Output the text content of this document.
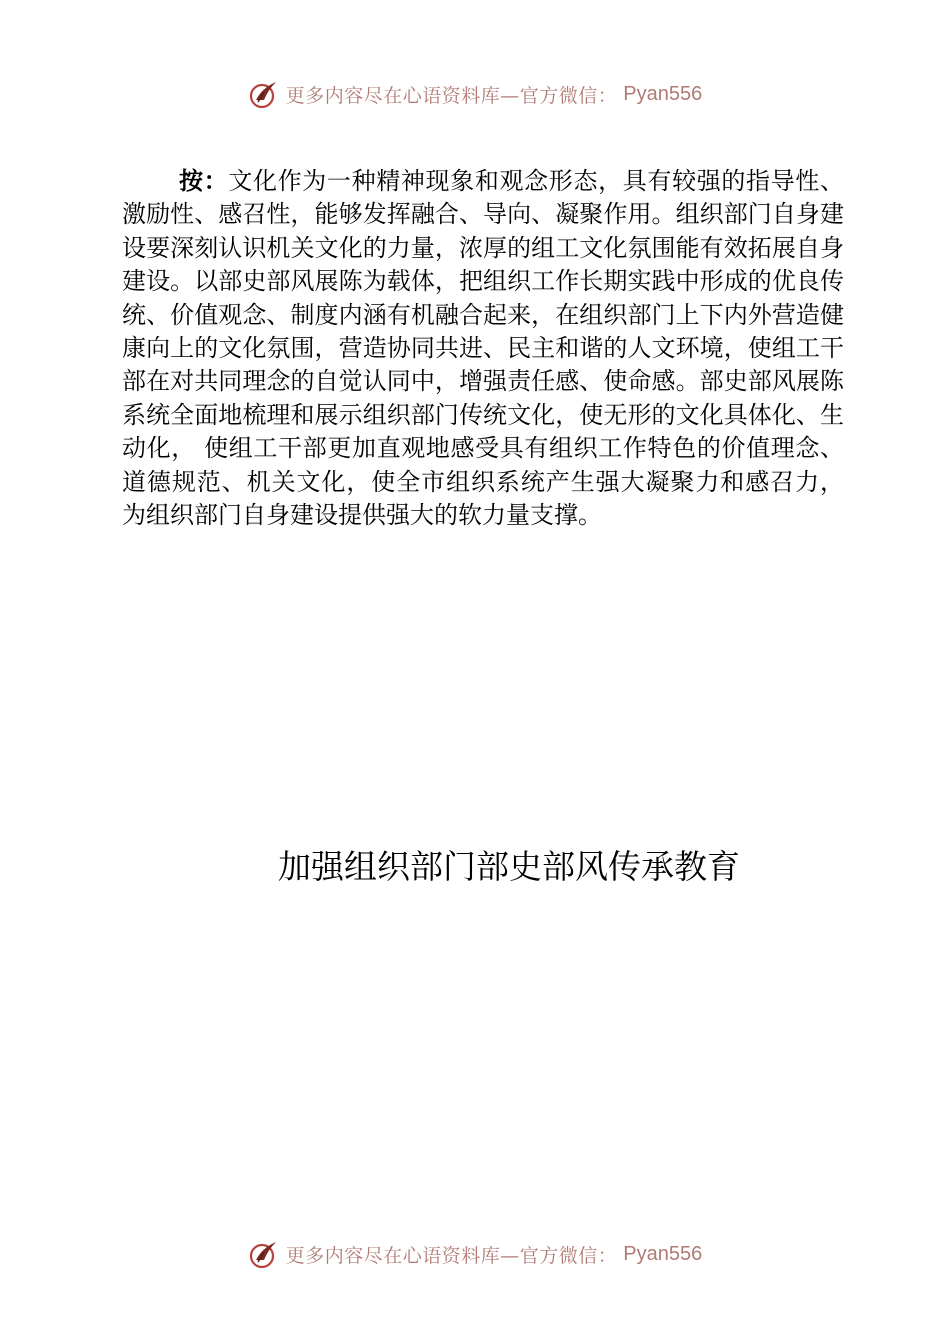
更多内容尽在心语资料库—官方微信： Pyan556

按：文化作为一种精神现象和观念形态，具有较强的指导性、激励性、感召性，能够发挥融合、导向、凝聚作用。组织部门自身建设要深刻认识机关文化的力量，浓厚的组工文化氛围能有效拓展自身建设。以部史部风展陈为载体，把组织工作长期实践中形成的优良传统、价值观念、制度内涵有机融合起来，在组织部门上下内外营造健康向上的文化氛围，营造协同共进、民主和谐的人文环境，使组工干部在对共同理念的自觉认同中，增强责任感、使命感。部史部风展陈系统全面地梳理和展示组织部门传统文化，使无形的文化具体化、生动化， 使组工干部更加直观地感受具有组织工作特色的价值理念、道德规范、机关文化，使全市组织系统产生强大凝聚力和感召力， 为组织部门自身建设提供强大的软力量支撑。

加强组织部门部史部风传承教育
更多内容尽在心语资料库—官方微信： Pyan556
